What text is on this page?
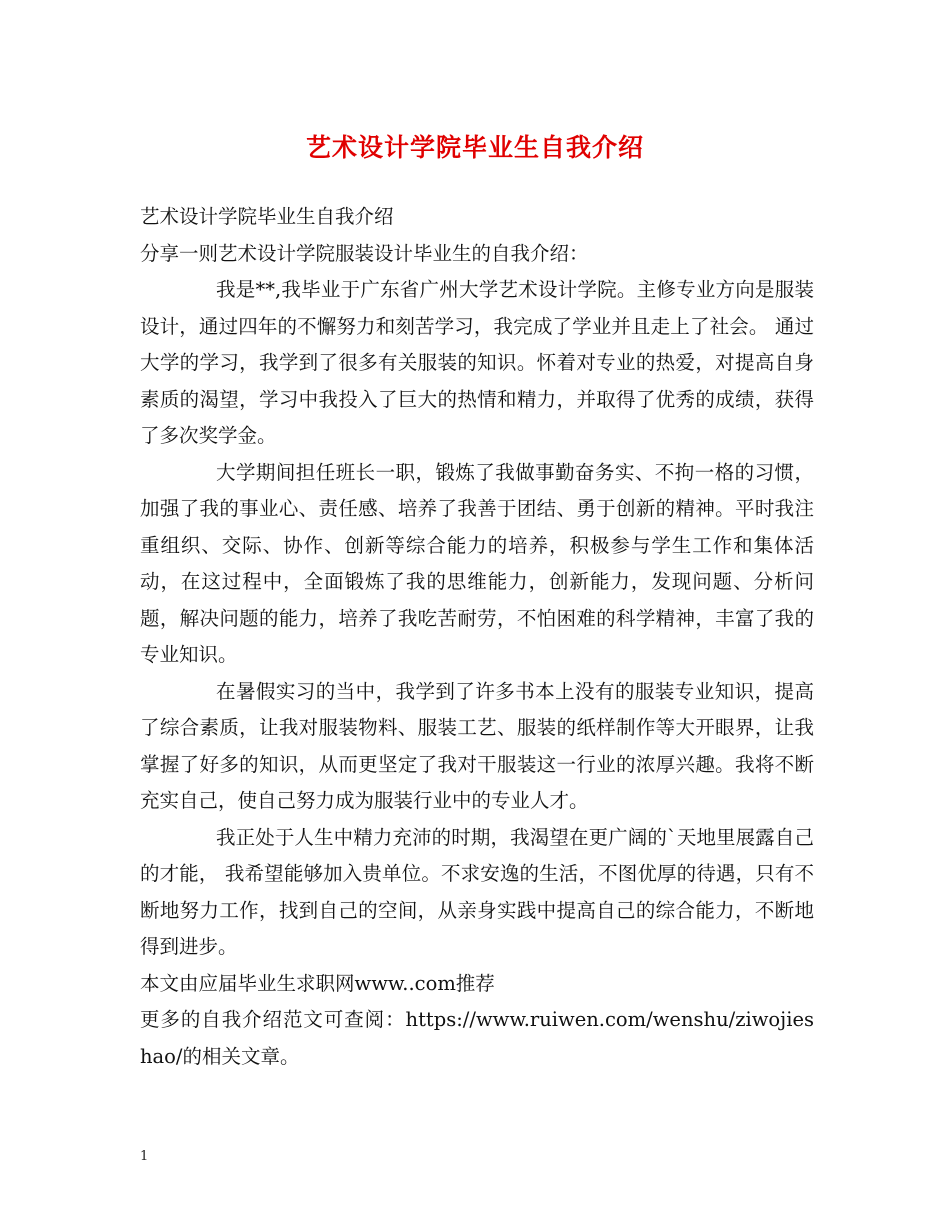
艺术设计学院毕业生自我介绍

艺术设计学院毕业生自我介绍

分享一则艺术设计学院服装设计毕业生的自我介绍：

我是**,我毕业于广东省广州大学艺术设计学院。主修专业方向是服装设计，通过四年的不懈努力和刻苦学习，我完成了学业并且走上了社会。 通过大学的学习，我学到了很多有关服装的知识。怀着对专业的热爱，对提高自身素质的渴望，学习中我投入了巨大的热情和精力，并取得了优秀的成绩，获得了多次奖学金。

大学期间担任班长一职，锻炼了我做事勤奋务实、不拘一格的习惯，加强了我的事业心、责任感、培养了我善于团结、勇于创新的精神。平时我注重组织、交际、协作、创新等综合能力的培养，积极参与学生工作和集体活动，在这过程中，全面锻炼了我的思维能力，创新能力，发现问题、分析问题，解决问题的能力，培养了我吃苦耐劳，不怕困难的科学精神，丰富了我的专业知识。

在暑假实习的当中，我学到了许多书本上没有的服装专业知识，提高了综合素质，让我对服装物料、服装工艺、服装的纸样制作等大开眼界，让我掌握了好多的知识，从而更坚定了我对干服装这一行业的浓厚兴趣。我将不断充实自己，使自己努力成为服装行业中的专业人才。

我正处于人生中精力充沛的时期，我渴望在更广阔的`天地里展露自己的才能， 我希望能够加入贵单位。不求安逸的生活，不图优厚的待遇，只有不断地努力工作，找到自己的空间，从亲身实践中提高自己的综合能力，不断地得到进步。

本文由应届毕业生求职网www..com推荐

更多的自我介绍范文可查阅：https://www.ruiwen.com/wenshu/ziwojieshao/的相关文章。

1
